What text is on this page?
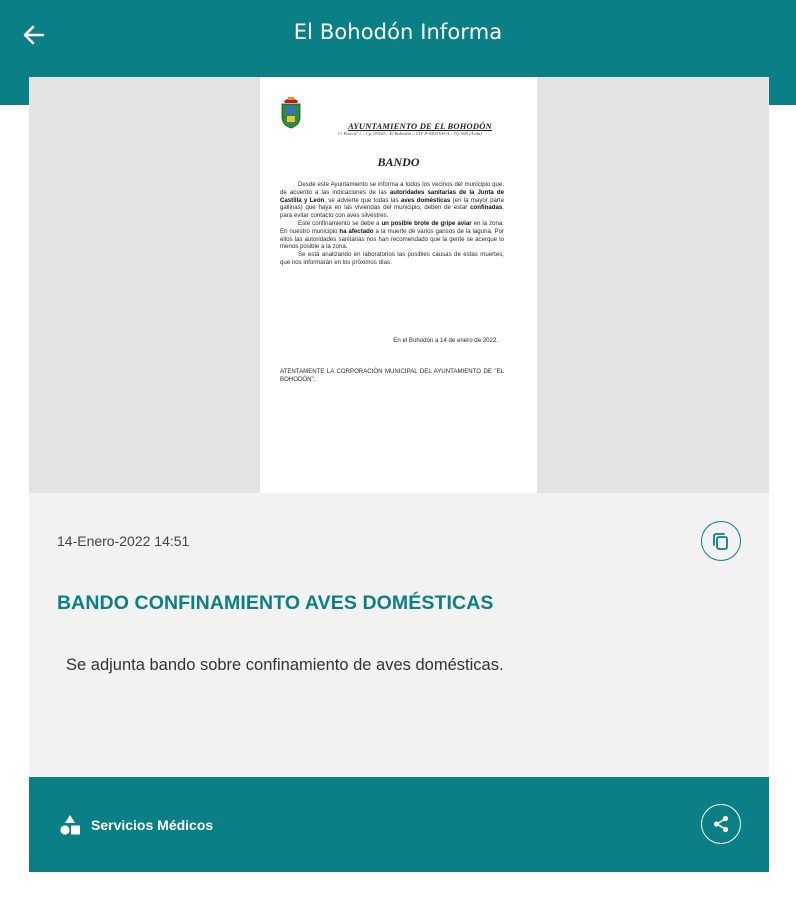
El Bohodón Informa
AYUNTAMIENTO DE EL BOHODÓN
C/ Pozo nº 1 – Cp. 05520 – El Bohodón – CIF P-0503300-A – Tlf. 920 (Ávila)
BANDO

Desde este Ayuntamiento se informa a todos los vecinos del municipio que, de acuerdo a las indicaciones de las autoridades sanitarias de la Junta de Castilla y León, se advierte que todas las aves domésticas (en la mayor parte gallinas) que haya en las viviendas del municipio, deben de estar confinadas, para evitar contacto con aves silvestres.

Este confinamiento se debe a un posible brote de gripe aviar en la zona. En nuestro municipio ha afectado a la muerte de varios gansos de la laguna. Por ellos las autoridades sanitarias nos han recomendado que la gente se acerque lo menos posible a la zona.

Se está analizando en laboratorios las posibles causas de estas muertes, que nos informarán en los próximos días.

En el Bohodón a 14 de enero de 2022.
ATENTAMENTE LA CORPORACIÓN MUNICIPAL DEL AYUNTAMIENTO DE "EL BOHODÓN".
14-Enero-2022 14:51
BANDO CONFINAMIENTO AVES DOMÉSTICAS
Se adjunta bando sobre confinamiento de aves domésticas.
Servicios Médicos
